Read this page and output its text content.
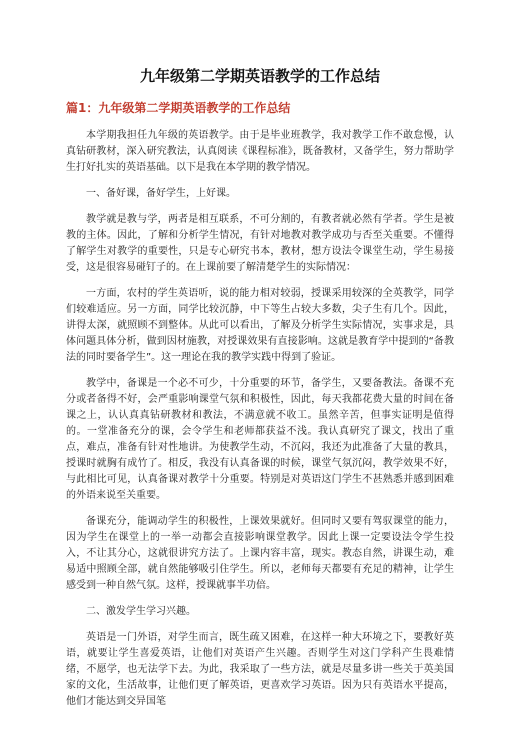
九年级第二学期英语教学的工作总结
篇1：九年级第二学期英语教学的工作总结

本学期我担任九年级的英语教学。由于是毕业班教学，我对教学工作不敢怠慢，认真钻研教材，深入研究教法，认真阅读《课程标准》，既备教材，又备学生，努力帮助学生打好扎实的英语基础。以下是我在本学期的教学情况。

一、备好课，备好学生，上好课。

教学就是教与学，两者是相互联系，不可分割的，有教者就必然有学者。学生是被教的主体。因此，了解和分析学生情况，有针对地教对教学成功与否至关重要。不懂得了解学生对教学的重要性，只是专心研究书本，教材，想方设法令课堂生动，学生易接受，这是很容易碰钉子的。在上课前要了解清楚学生的实际情况：

一方面，农村的学生英语听，说的能力相对较弱，授课采用较深的全英教学，同学们较难适应。另一方面，同学比较沉静，中下等生占较大多数，尖子生有几个。因此，讲得太深，就照顾不到整体。从此可以看出，了解及分析学生实际情况，实事求是，具体问题具体分析，做到因材施教，对授课效果有直接影响。这就是教育学中提到的“备教法的同时要备学生”。这一理论在我的教学实践中得到了验证。

教学中，备课是一个必不可少，十分重要的环节，备学生，又要备教法。备课不充分或者备得不好，会严重影响课堂气氛和积极性，因此，每天我都花费大量的时间在备课之上，认认真真钻研教材和教法，不满意就不收工。虽然辛苦，但事实证明是值得的。一堂准备充分的课，会令学生和老师都获益不浅。我认真研究了课文，找出了重点，难点，准备有针对性地讲。为使教学生动，不沉闷，我还为此准备了大量的教具，授课时就胸有成竹了。相反，我没有认真备课的时候，课堂气氛沉闷，教学效果不好，与此相比可见，认真备课对教学十分重要。特别是对英语这门学生不甚熟悉并感到困难的外语来说至关重要。

备课充分，能调动学生的积极性，上课效果就好。但同时又要有驾驭课堂的能力，因为学生在课堂上的一举一动都会直接影响课堂教学。因此上课一定要设法令学生投入，不让其分心，这就很讲究方法了。上课内容丰富，现实。教态自然，讲课生动，难易适中照顾全部，就自然能够吸引住学生。所以，老师每天都要有充足的精神，让学生感受到一种自然气氛。这样，授课就事半功倍。

二、激发学生学习兴趣。

英语是一门外语，对学生而言，既生疏又困难，在这样一种大环境之下，要教好英语，就要让学生喜爱英语，让他们对英语产生兴趣。否则学生对这门学科产生畏难情绪，不愿学，也无法学下去。为此，我采取了一些方法，就是尽量多讲一些关于英美国家的文化，生活故事，让他们更了解英语，更喜欢学习英语。因为只有英语水平提高，他们才能达到交异国笔
